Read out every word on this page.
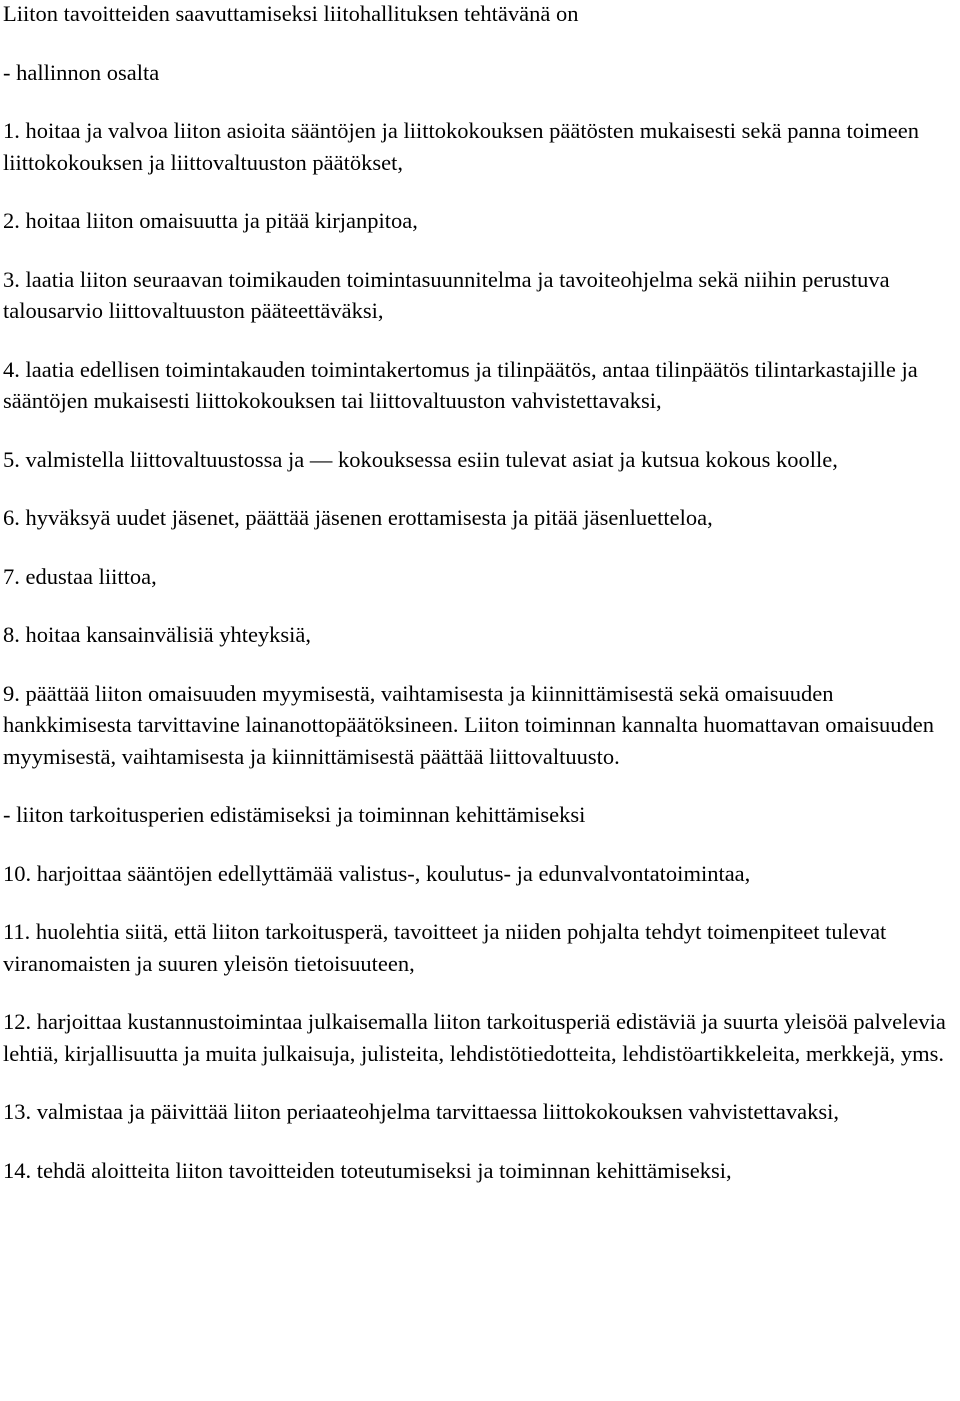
Liiton tavoitteiden saavuttamiseksi liitohallituksen tehtävänä on

- hallinnon osalta

1. hoitaa ja valvoa liiton asioita sääntöjen ja liittokokouksen päätösten mukaisesti sekä panna toimeen liittokokouksen ja liittovaltuuston päätökset,

2. hoitaa liiton omaisuutta ja pitää kirjanpitoa,

3. laatia liiton seuraavan toimikauden toimintasuunnitelma ja tavoiteohjelma sekä niihin perustuva talousarvio liittovaltuuston pääteettäväksi,

4. laatia edellisen toimintakauden toimintakertomus ja tilinpäätös, antaa tilinpäätös tilintarkastajille ja sääntöjen mukaisesti liittokokouksen tai liittovaltuuston vahvistettavaksi,

5. valmistella liittovaltuustossa ja — kokouksessa esiin tulevat asiat ja kutsua kokous koolle,

6. hyväksyä uudet jäsenet, päättää jäsenen erottamisesta ja pitää jäsenluetteloa,

7. edustaa liittoa,

8. hoitaa kansainvälisiä yhteyksiä,

9. päättää liiton omaisuuden myymisestä, vaihtamisesta ja kiinnittämisestä sekä omaisuuden hankkimisesta tarvittavine lainanottopäätöksineen. Liiton toiminnan kannalta huomattavan omaisuuden myymisestä, vaihtamisesta ja kiinnittämisestä päättää liittovaltuusto.

- liiton tarkoitusperien edistämiseksi ja toiminnan kehittämiseksi

10. harjoittaa sääntöjen edellyttämää valistus-, koulutus- ja edunvalvontatoimintaa,

11. huolehtia siitä, että liiton tarkoitusperä, tavoitteet ja niiden pohjalta tehdyt toimenpiteet tulevat viranomaisten ja suuren yleisön tietoisuuteen,

12. harjoittaa kustannustoimintaa julkaisemalla liiton tarkoitusperiä edistäviä ja suurta yleisöä palvelevia lehtiä, kirjallisuutta ja muita julkaisuja, julisteita, lehdistötiedotteita, lehdistöartikkeleita, merkkejä, yms.

13. valmistaa ja päivittää liiton periaateohjelma tarvittaessa liittokokouksen vahvistettavaksi,

14. tehdä aloitteita liiton tavoitteiden toteutumiseksi ja toiminnan kehittämiseksi,
